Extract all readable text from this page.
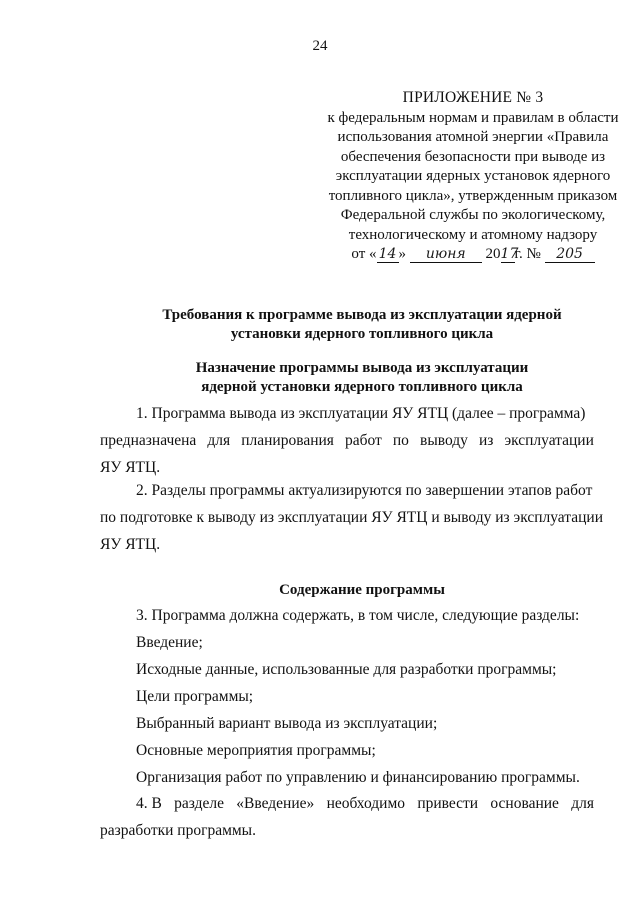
24
ПРИЛОЖЕНИЕ № 3
к федеральным нормам и правилам в области
использования атомной энергии «Правила
обеспечения безопасности при выводе из
эксплуатации ядерных установок ядерного
топливного цикла», утвержденным приказом
Федеральной службы по экологическому,
технологическому и атомному надзору
от « 14 » июня 2017г. № 205
Требования к программе вывода из эксплуатации ядерной
установки ядерного топливного цикла
Назначение программы вывода из эксплуатации
ядерной установки ядерного топливного цикла
1. Программа вывода из эксплуатации ЯУ ЯТЦ (далее – программа)
предназначена для планирования работ по выводу из эксплуатации
ЯУ ЯТЦ.
2. Разделы программы актуализируются по завершении этапов работ
по подготовке к выводу из эксплуатации ЯУ ЯТЦ и выводу из эксплуатации
ЯУ ЯТЦ.
Содержание программы
3. Программа должна содержать, в том числе, следующие разделы:
Введение;
Исходные данные, использованные для разработки программы;
Цели программы;
Выбранный вариант вывода из эксплуатации;
Основные мероприятия программы;
Организация работ по управлению и финансированию программы.
4. В разделе «Введение» необходимо привести основание для
разработки программы.
